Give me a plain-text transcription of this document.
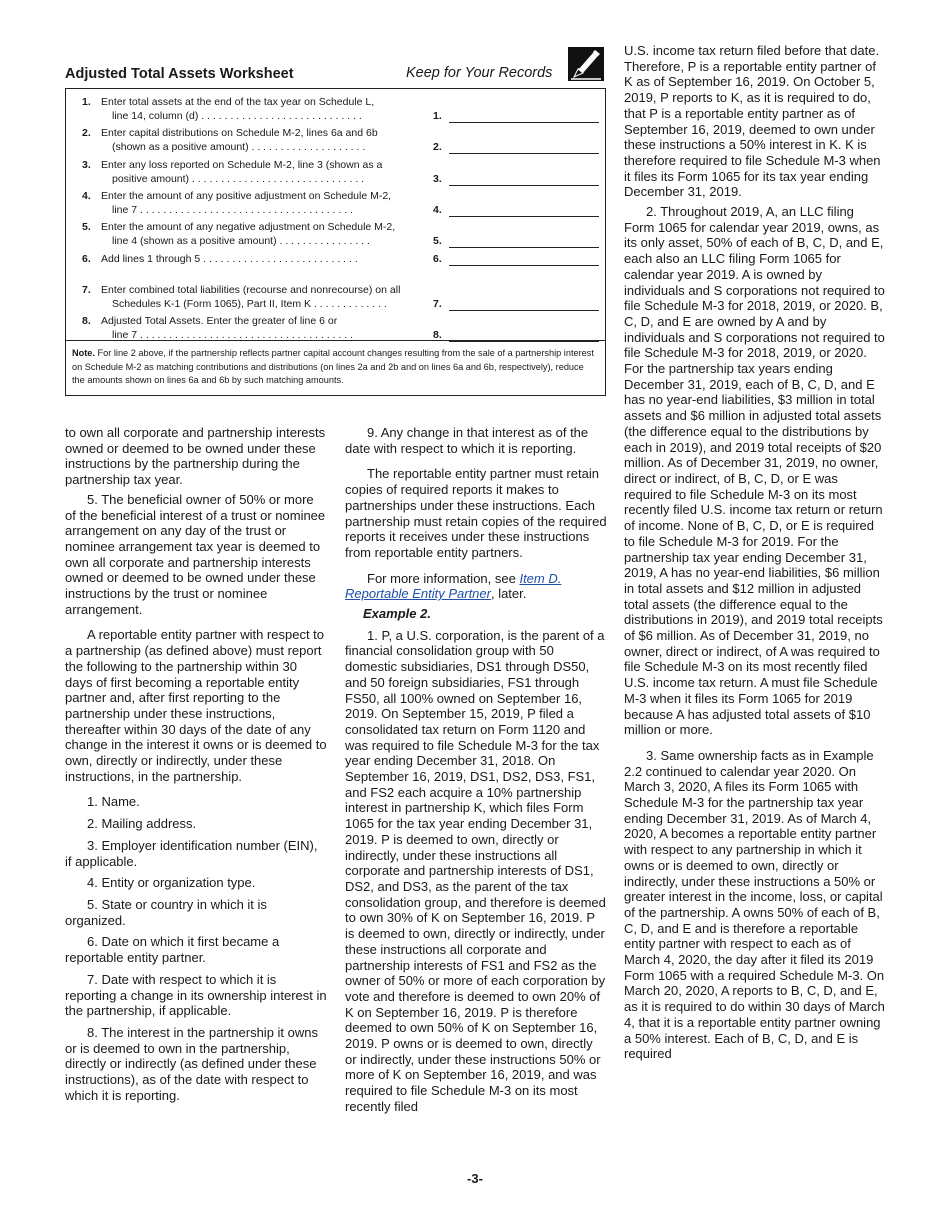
Adjusted Total Assets Worksheet	Keep for Your Records
1. Enter total assets at the end of the tax year on Schedule L,
line 14, column (d) . . . . . . . . . . . . . . . . . . . . . . . . . . . .	1.
2. Enter capital distributions on Schedule M-2, lines 6a and 6b
(shown as a positive amount) . . . . . . . . . . . . . . . . . . . .	2.
3. Enter any loss reported on Schedule M-2, line 3 (shown as a
positive amount) . . . . . . . . . . . . . . . . . . . . . . . . . . . . . .	3.
4. Enter the amount of any positive adjustment on Schedule M-2,
line 7 . . . . . . . . . . . . . . . . . . . . . . . . . . . . . . . . . . . . .	4.
5. Enter the amount of any negative adjustment on Schedule M-2,
line 4 (shown as a positive amount) . . . . . . . . . . . . . . . .	5.
6. Add lines 1 through 5 . . . . . . . . . . . . . . . . . . . . . . . . . . .	6.
7. Enter combined total liabilities (recourse and nonrecourse) on all
Schedules K-1 (Form 1065), Part II, Item K . . . . . . . . . . . . .	7.
8. Adjusted Total Assets. Enter the greater of line 6 or
line 7 . . . . . . . . . . . . . . . . . . . . . . . . . . . . . . . . . . . . .	8.
Note. For line 2 above, if the partnership reflects partner capital account changes resulting from the sale of a partnership interest on Schedule M-2 as matching contributions and distributions (on lines 2a and 2b and on lines 6a and 6b, respectively), reduce the amounts shown on lines 6a and 6b by such matching amounts.

to own all corporate and partnership interests owned or deemed to be owned under these instructions by the partnership during the partnership tax year.

5. The beneficial owner of 50% or more of the beneficial interest of a trust or nominee arrangement on any day of the trust or nominee arrangement tax year is deemed to own all corporate and partnership interests owned or deemed to be owned under these instructions by the trust or nominee arrangement.

A reportable entity partner with respect to a partnership (as defined above) must report the following to the partnership within 30 days of first becoming a reportable entity partner and, after first reporting to the partnership under these instructions, thereafter within 30 days of the date of any change in the interest it owns or is deemed to own, directly or indirectly, under these instructions, in the partnership.

1. Name.

2. Mailing address.

3. Employer identification number (EIN), if applicable.

4. Entity or organization type.

5. State or country in which it is organized.

6. Date on which it first became a reportable entity partner.

7. Date with respect to which it is reporting a change in its ownership interest in the partnership, if applicable.

8. The interest in the partnership it owns or is deemed to own in the partnership, directly or indirectly (as defined under these instructions), as of the date with respect to which it is reporting.

9. Any change in that interest as of the date with respect to which it is reporting.

The reportable entity partner must retain copies of required reports it makes to partnerships under these instructions. Each partnership must retain copies of the required reports it receives under these instructions from reportable entity partners.

For more information, see Item D. Reportable Entity Partner, later.

Example 2.

1. P, a U.S. corporation, is the parent of a financial consolidation group with 50 domestic subsidiaries, DS1 through DS50, and 50 foreign subsidiaries, FS1 through FS50, all 100% owned on September 16, 2019. On September 15, 2019, P filed a consolidated tax return on Form 1120 and was required to file Schedule M-3 for the tax year ending December 31, 2018. On September 16, 2019, DS1, DS2, DS3, FS1, and FS2 each acquire a 10% partnership interest in partnership K, which files Form 1065 for the tax year ending December 31, 2019. P is deemed to own, directly or indirectly, under these instructions all corporate and partnership interests of DS1, DS2, and DS3, as the parent of the tax consolidation group, and therefore is deemed to own 30% of K on September 16, 2019. P is deemed to own, directly or indirectly, under these instructions all corporate and partnership interests of FS1 and FS2 as the owner of 50% or more of each corporation by vote and therefore is deemed to own 20% of K on September 16, 2019. P is therefore deemed to own 50% of K on September 16, 2019. P owns or is deemed to own, directly or indirectly, under these instructions 50% or more of K on September 16, 2019, and was required to file Schedule M-3 on its most recently filed

U.S. income tax return filed before that date. Therefore, P is a reportable entity partner of K as of September 16, 2019. On October 5, 2019, P reports to K, as it is required to do, that P is a reportable entity partner as of September 16, 2019, deemed to own under these instructions a 50% interest in K. K is therefore required to file Schedule M-3 when it files its Form 1065 for its tax year ending December 31, 2019.

2. Throughout 2019, A, an LLC filing Form 1065 for calendar year 2019, owns, as its only asset, 50% of each of B, C, D, and E, each also an LLC filing Form 1065 for calendar year 2019. A is owned by individuals and S corporations not required to file Schedule M-3 for 2018, 2019, or 2020. B, C, D, and E are owned by A and by individuals and S corporations not required to file Schedule M-3 for 2018, 2019, or 2020. For the partnership tax years ending December 31, 2019, each of B, C, D, and E has no year-end liabilities, $3 million in total assets and $6 million in adjusted total assets (the difference equal to the distributions by each in 2019), and 2019 total receipts of $20 million. As of December 31, 2019, no owner, direct or indirect, of B, C, D, or E was required to file Schedule M-3 on its most recently filed U.S. income tax return or return of income. None of B, C, D, or E is required to file Schedule M-3 for 2019. For the partnership tax year ending December 31, 2019, A has no year-end liabilities, $6 million in total assets and $12 million in adjusted total assets (the difference equal to the distributions in 2019), and 2019 total receipts of $6 million. As of December 31, 2019, no owner, direct or indirect, of A was required to file Schedule M-3 on its most recently filed U.S. income tax return. A must file Schedule M-3 when it files its Form 1065 for 2019 because A has adjusted total assets of $10 million or more.

3. Same ownership facts as in Example 2.2 continued to calendar year 2020. On March 3, 2020, A files its Form 1065 with Schedule M-3 for the partnership tax year ending December 31, 2019. As of March 4, 2020, A becomes a reportable entity partner with respect to any partnership in which it owns or is deemed to own, directly or indirectly, under these instructions a 50% or greater interest in the income, loss, or capital of the partnership. A owns 50% of each of B, C, D, and E and is therefore a reportable entity partner with respect to each as of March 4, 2020, the day after it filed its 2019 Form 1065 with a required Schedule M-3. On March 20, 2020, A reports to B, C, D, and E, as it is required to do within 30 days of March 4, that it is a reportable entity partner owning a 50% interest. Each of B, C, D, and E is required

-3-
